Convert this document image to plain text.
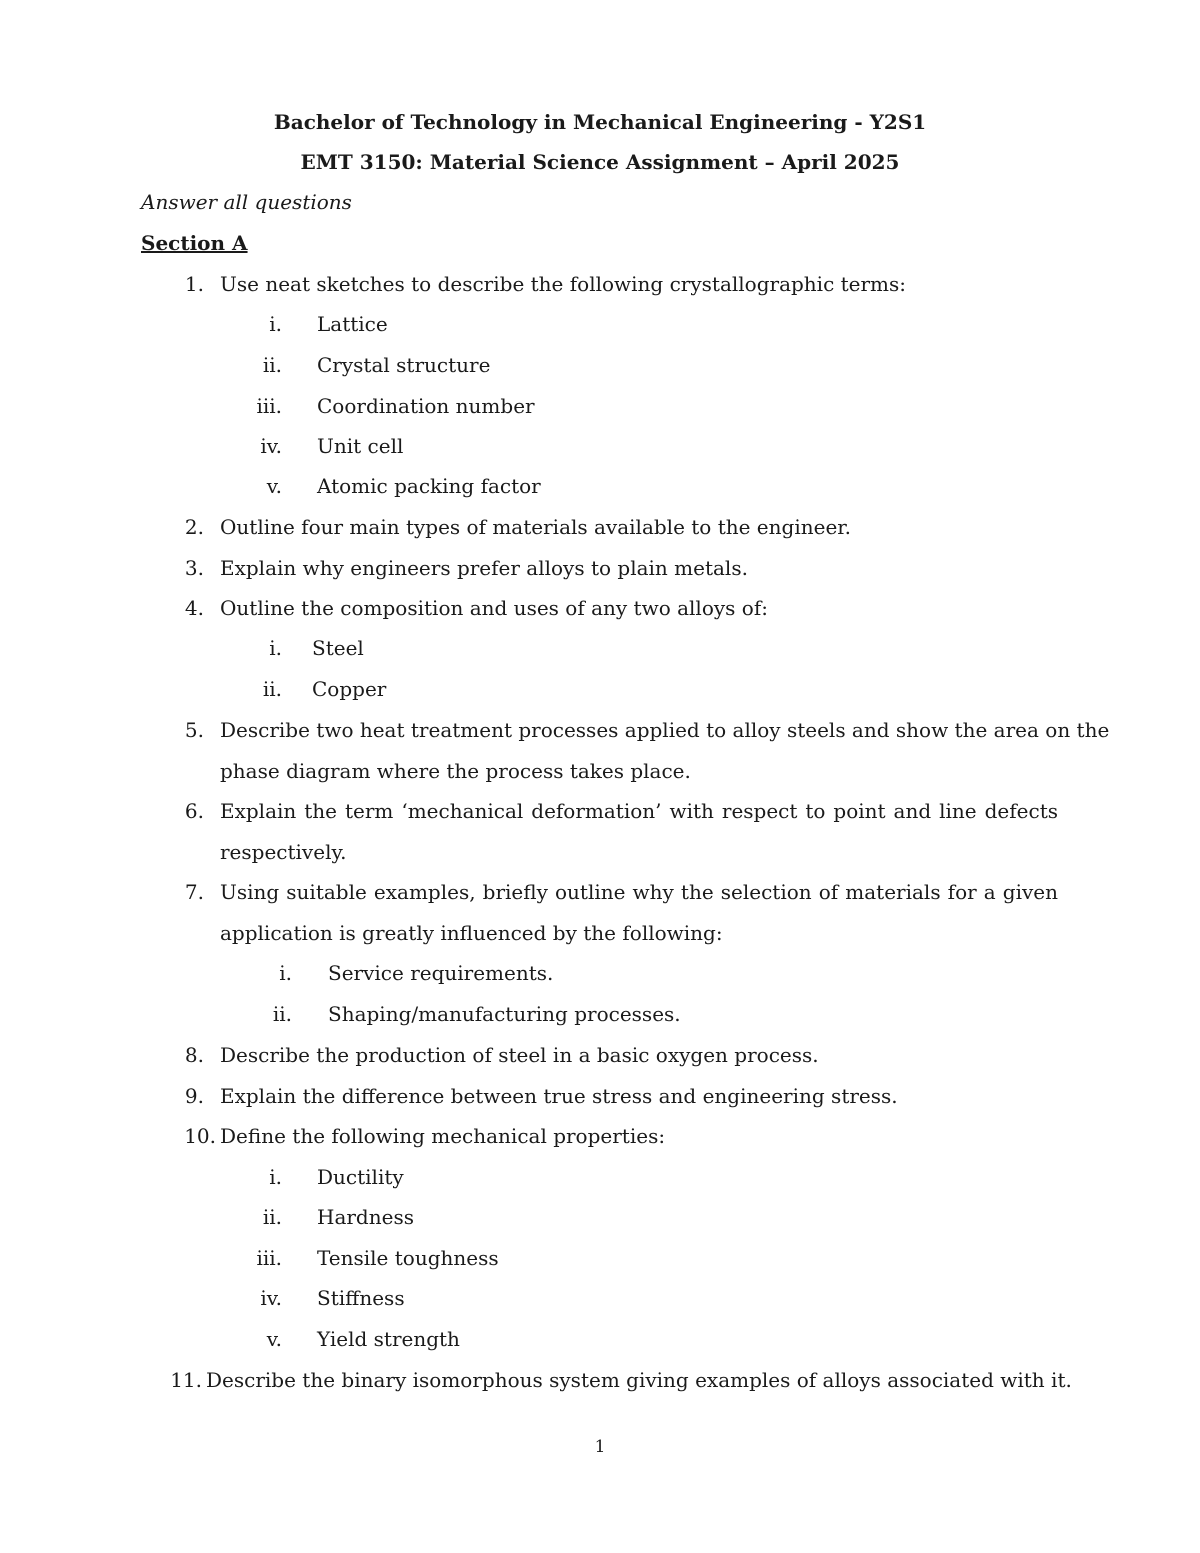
Bachelor of Technology in Mechanical Engineering - Y2S1
EMT 3150: Material Science Assignment – April 2025
Answer all questions
Section A
1. Use neat sketches to describe the following crystallographic terms:
i. Lattice
ii. Crystal structure
iii. Coordination number
iv. Unit cell
v. Atomic packing factor
2. Outline four main types of materials available to the engineer.
3. Explain why engineers prefer alloys to plain metals.
4. Outline the composition and uses of any two alloys of:
i. Steel
ii. Copper
5. Describe two heat treatment processes applied to alloy steels and show the area on the
phase diagram where the process takes place.
6. Explain the term ‘mechanical deformation’ with respect to point and line defects
respectively.
7. Using suitable examples, briefly outline why the selection of materials for a given
application is greatly influenced by the following:
i. Service requirements.
ii. Shaping/manufacturing processes.
8. Describe the production of steel in a basic oxygen process.
9. Explain the difference between true stress and engineering stress.
10. Define the following mechanical properties:
i. Ductility
ii. Hardness
iii. Tensile toughness
iv. Stiffness
v. Yield strength
11. Describe the binary isomorphous system giving examples of alloys associated with it.
1
